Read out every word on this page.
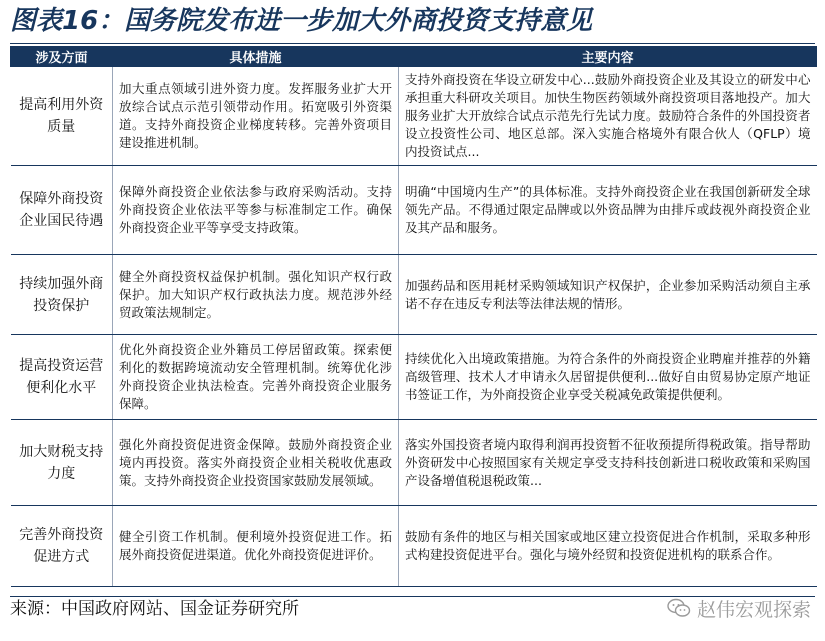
图表16：国务院发布进一步加大外商投资支持意见
涉及方面	具体措施	主要内容
提高利用外资质量	加大重点领域引进外资力度。发挥服务业扩大开放综合试点示范引领带动作用。拓宽吸引外资渠道。支持外商投资企业梯度转移。完善外资项目建设推进机制。	支持外商投资在华设立研发中心...鼓励外商投资企业及其设立的研发中心承担重大科研攻关项目。加快生物医药领域外商投资项目落地投产。加大服务业扩大开放综合试点示范先行先试力度。鼓励符合条件的外国投资者设立投资性公司、地区总部。深入实施合格境外有限合伙人（QFLP）境内投资试点...
保障外商投资企业国民待遇	保障外商投资企业依法参与政府采购活动。支持外商投资企业依法平等参与标准制定工作。确保外商投资企业平等享受支持政策。	明确“中国境内生产”的具体标准。支持外商投资企业在我国创新研发全球领先产品。不得通过限定品牌或以外资品牌为由排斥或歧视外商投资企业及其产品和服务。
持续加强外商投资保护	健全外商投资权益保护机制。强化知识产权行政保护。加大知识产权行政执法力度。规范涉外经贸政策法规制定。	加强药品和医用耗材采购领域知识产权保护，企业参加采购活动须自主承诺不存在违反专利法等法律法规的情形。
提高投资运营便利化水平	优化外商投资企业外籍员工停居留政策。探索便利化的数据跨境流动安全管理机制。统筹优化涉外商投资企业执法检查。完善外商投资企业服务保障。	持续优化入出境政策措施。为符合条件的外商投资企业聘雇并推荐的外籍高级管理、技术人才申请永久居留提供便利...做好自由贸易协定原产地证书签证工作，为外商投资企业享受关税减免政策提供便利。
加大财税支持力度	强化外商投资促进资金保障。鼓励外商投资企业境内再投资。落实外商投资企业相关税收优惠政策。支持外商投资企业投资国家鼓励发展领域。	落实外国投资者境内取得利润再投资暂不征收预提所得税政策。指导帮助外资研发中心按照国家有关规定享受支持科技创新进口税收政策和采购国产设备增值税退税政策...
完善外商投资促进方式	健全引资工作机制。便利境外投资促进工作。拓展外商投资促进渠道。优化外商投资促进评价。	鼓励有条件的地区与相关国家或地区建立投资促进合作机制，采取多种形式构建投资促进平台。强化与境外经贸和投资促进机构的联系合作。
来源：中国政府网站、国金证券研究所	赵伟宏观探索
